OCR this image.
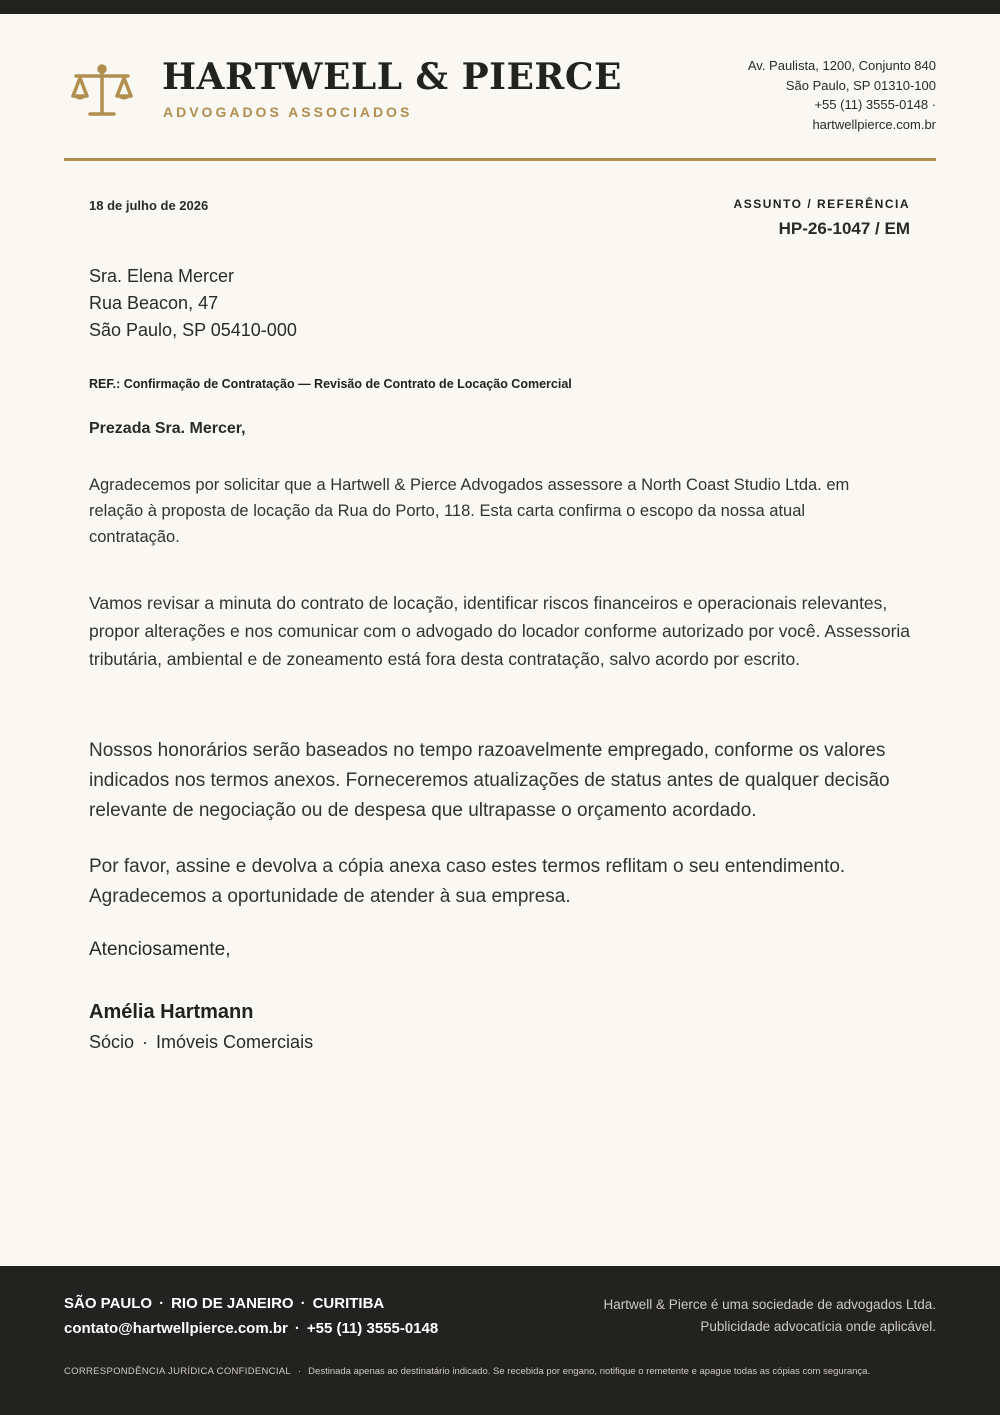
HARTWELL & PIERCE
ADVOGADOS ASSOCIADOS
Av. Paulista, 1200, Conjunto 840
São Paulo, SP 01310-100
+55 (11) 3555-0148 ·
hartwellpierce.com.br
18 de julho de 2026	ASSUNTO / REFERÊNCIA
HP-26-1047 / EM
Sra. Elena Mercer
Rua Beacon, 47
São Paulo, SP 05410-000
REF.: Confirmação de Contratação — Revisão de Contrato de Locação Comercial
Prezada Sra. Mercer,

Agradecemos por solicitar que a Hartwell & Pierce Advogados assessore a North Coast Studio Ltda. em relação à proposta de locação da Rua do Porto, 118. Esta carta confirma o escopo da nossa atual contratação.

Vamos revisar a minuta do contrato de locação, identificar riscos financeiros e operacionais relevantes, propor alterações e nos comunicar com o advogado do locador conforme autorizado por você. Assessoria tributária, ambiental e de zoneamento está fora desta contratação, salvo acordo por escrito.

Nossos honorários serão baseados no tempo razoavelmente empregado, conforme os valores indicados nos termos anexos. Forneceremos atualizações de status antes de qualquer decisão relevante de negociação ou de despesa que ultrapasse o orçamento acordado.

Por favor, assine e devolva a cópia anexa caso estes termos reflitam o seu entendimento. Agradecemos a oportunidade de atender à sua empresa.

Atenciosamente,
Amélia Hartmann
Sócio · Imóveis Comerciais
SÃO PAULO · RIO DE JANEIRO · CURITIBA
contato@hartwellpierce.com.br · +55 (11) 3555-0148
Hartwell & Pierce é uma sociedade de advogados Ltda.
Publicidade advocatícia onde aplicável.
CORRESPONDÊNCIA JURÍDICA CONFIDENCIAL · Destinada apenas ao destinatário indicado. Se recebida por engano, notifique o remetente e apague todas as cópias com segurança.
